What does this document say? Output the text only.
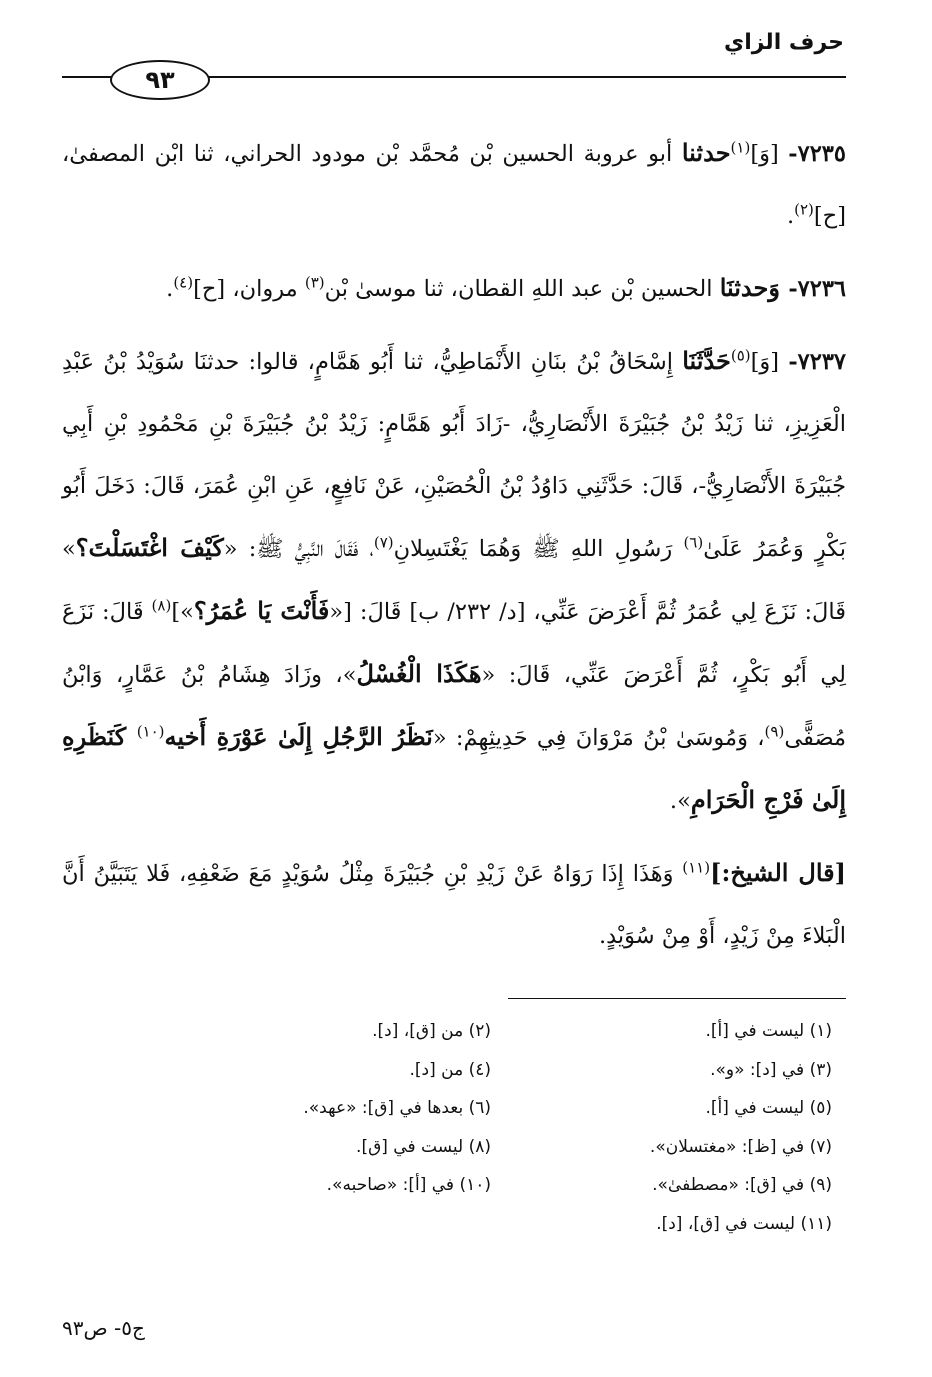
حرف الزاي
٩٣

٧٢٣٥- [وَ]$^{(١)}$حدثنا أبو عروبة الحسين بْن مُحمَّد بْن مودود الحراني، ثنا ابْن المصفىٰ، [ح]$^{(٢)}$.

٧٢٣٦- وَحدثنَا الحسين بْن عبد اللهِ القطان، ثنا موسىٰ بْن$^{(٣)}$ مروان، [ح]$^{(٤)}$.

٧٢٣٧- [وَ]$^{(٥)}$حَدَّثَنَا إِسْحَاقُ بْنُ بنَانِ الأَنْمَاطِيُّ، ثنا أَبُو هَمَّامٍ، قالوا: حدثنَا سُوَيْدُ بْنُ عَبْدِ الْعَزِيزِ، ثنا زَيْدُ بْنُ جُبَيْرَةَ الأَنْصَارِيُّ، -زَادَ أَبُو هَمَّامٍ: زَيْدُ بْنُ جُبَيْرَةَ بْنِ مَحْمُودِ بْنِ أَبِي جُبَيْرَةَ الأَنْصَارِيُّ-، قَالَ: حَدَّثَنِي دَاوُدُ بْنُ الْحُصَيْنِ، عَنْ نَافِعٍ، عَنِ ابْنِ عُمَرَ، قَالَ: دَخَلَ أَبُو بَكْرٍ وَعُمَرُ عَلَىٰ$^{(٦)}$ رَسُولِ اللهِ ﷺ وَهُمَا يَغْتَسِلانِ$^{(٧)}$، فَقَالَ النَّبِيُّ ﷺ: «كَيْفَ اغْتَسَلْتَ؟» قَالَ: نَزَعَ لِي عُمَرُ ثُمَّ أَعْرَضَ عَنِّي، [د/ ٢٣٢/ ب] قَالَ: [«فَأَنْتَ يَا عُمَرُ؟»]$^{(٨)}$ قَالَ: نَزَعَ لِي أَبُو بَكْرٍ، ثُمَّ أَعْرَضَ عَنِّي، قَالَ: «هَكَذَا الْغُسْلُ»، وزَادَ هِشَامُ بْنُ عَمَّارٍ، وَابْنُ مُصَفًّى$^{(٩)}$، وَمُوسَىٰ بْنُ مَرْوَانَ فِي حَدِيثِهِمْ: «نَظَرُ الرَّجُلِ إِلَىٰ عَوْرَةِ أَخيه$^{(١٠)}$ كَنَظَرِهِ إِلَىٰ فَرْجِ الْحَرَامِ».

[قال الشيخ:]$^{(١١)}$ وَهَذَا إِذَا رَوَاهُ عَنْ زَيْدِ بْنِ جُبَيْرَةَ مِثْلُ سُوَيْدٍ مَعَ ضَعْفِهِ، فَلا يَتَبَيَّنُ أَنَّ الْبَلاءَ مِنْ زَيْدٍ، أَوْ مِنْ سُوَيْدٍ.

(١) ليست في [أ].
(٢) من [ق]، [د].
(٣) في [د]: «و».
(٤) من [د].
(٥) ليست في [أ].
(٦) بعدها في [ق]: «عهد».
(٧) في [ظ]: «مغتسلان».
(٨) ليست في [ق].
(٩) في [ق]: «مصطفیٰ».
(١٠) في [أ]: «صاحبه».
(١١) ليست في [ق]، [د].
ج٥- ص٩٣
